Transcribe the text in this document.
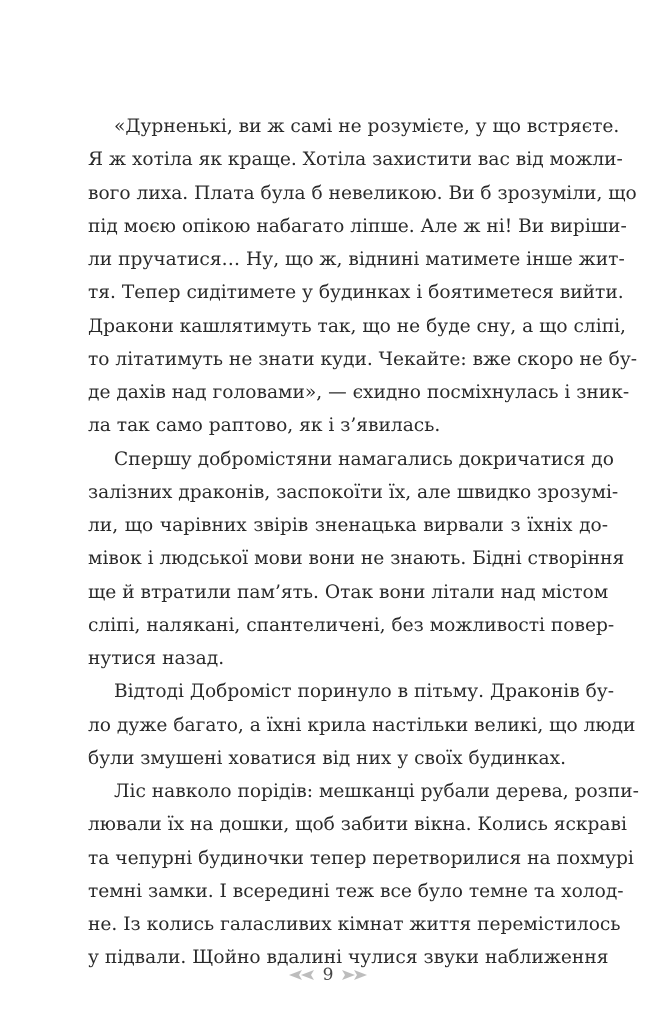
«Дурненькі, ви ж самі не розумієте, у що встряєте.
Я ж хотіла як краще. Хотіла захистити вас від можли-
вого лиха. Плата була б невеликою. Ви б зрозуміли, що
під моєю опікою набагато ліпше. Але ж ні! Ви виріши-
ли пручатися… Ну, що ж, віднині матимете інше жит-
тя. Тепер сидітимете у будинках і боятиметеся вийти.
Дракони кашлятимуть так, що не буде сну, а що сліпі,
то літатимуть не знати куди. Чекайте: вже скоро не бу-
де дахів над головами», — єхидно посміхнулась і зник-
ла так само раптово, як і з’явилась.
Спершу добромістяни намагались докричатися до
залізних драконів, заспокоїти їх, але швидко зрозумі-
ли, що чарівних звірів зненацька вирвали з їхніх до-
мівок і людської мови вони не знають. Бідні створіння
ще й втратили пам’ять. Отак вони літали над містом
сліпі, налякані, спантеличені, без можливості повер-
нутися назад.
Відтоді Доброміст поринуло в пітьму. Драконів бу-
ло дуже багато, а їхні крила настільки великі, що люди
були змушені ховатися від них у своїх будинках.
Ліс навколо порідів: мешканці рубали дерева, розпи-
лювали їх на дошки, щоб забити вікна. Колись яскраві
та чепурні будиночки тепер перетворилися на похмурі
темні замки. І всередині теж все було темне та холод-
не. Із колись галасливих кімнат життя перемістилось
у підвали. Щойно вдалині чулися звуки наближення
9
